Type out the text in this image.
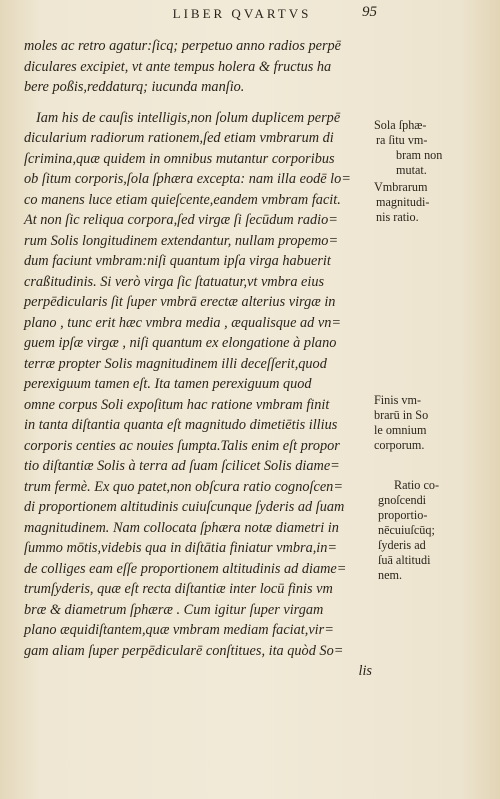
LIBER QVARTVS	95
moles ac retro agatur:ſicq; perpetuo anno radios perpē
diculares excipiet, vt ante tempus holera & fructus ha
bere poßis,reddaturq; iucunda manſio.
Iam his de cauſis intelligis,non ſolum duplicem perpē
dicularium radiorum rationem,ſed etiam vmbrarum di
ſcrimina,quæ quidem in omnibus mutantur corporibus
ob ſitum corporis,ſola ſphæra excepta: nam illa eodē lo=
co manens luce etiam quieſcente,eandem vmbram facit.
At non ſic reliqua corpora,ſed virgæ ſi ſecūdum radio=
rum Solis longitudinem extendantur, nullam propemo=
dum faciunt vmbram:niſi quantum ipſa virga habuerit
craßitudinis. Si verò virga ſic ſtatuatur,vt vmbra eius
perpēdicularis ſit ſuper vmbrā erectæ alterius virgæ in
plano , tunc erit hæc vmbra media , æqualisque ad vn=
guem ipſæ virgæ , niſi quantum ex elongatione à plano
terræ propter Solis magnitudinem illi deceſſerit,quod
perexiguum tamen eſt. Ita tamen perexiguum quod
omne corpus Soli expoſitum hac ratione vmbram finit
in tanta diſtantia quanta eſt magnitudo dimetiētis illius
corporis centies ac nouies ſumpta.Talis enim eſt propor
tio diſtantiæ Solis à terra ad ſuam ſcilicet Solis diame=
trum fermè. Ex quo patet,non obſcura ratio cognoſcen=
di proportionem altitudinis cuiuſcunque ſyderis ad ſuam
magnitudinem. Nam collocata ſphæra notæ diametri in
ſummo mōtis,videbis qua in diſtātia finiatur vmbra,in=
de colliges eam eſſe proportionem altitudinis ad diame=
trumſyderis, quæ eſt recta diſtantiæ inter locū finis vm
bræ & diametrum ſphæræ . Cum igitur ſuper virgam
plano æquidiſtantem,quæ vmbram mediam faciat,vir=
gam aliam ſuper perpēdicularē conſtitues, ita quòd So=
lis
Sola ſphæ-
ra ſitu vm-
bram non
mutat.
Vmbrarum
magnitudi-
nis ratio.
Finis vm-
brarū in So
le omnium
corporum.
Ratio co-
gnoſcendi
proportio-
nēcuiuſcūq;
ſyderis ad
ſuā altitudi
nem.
